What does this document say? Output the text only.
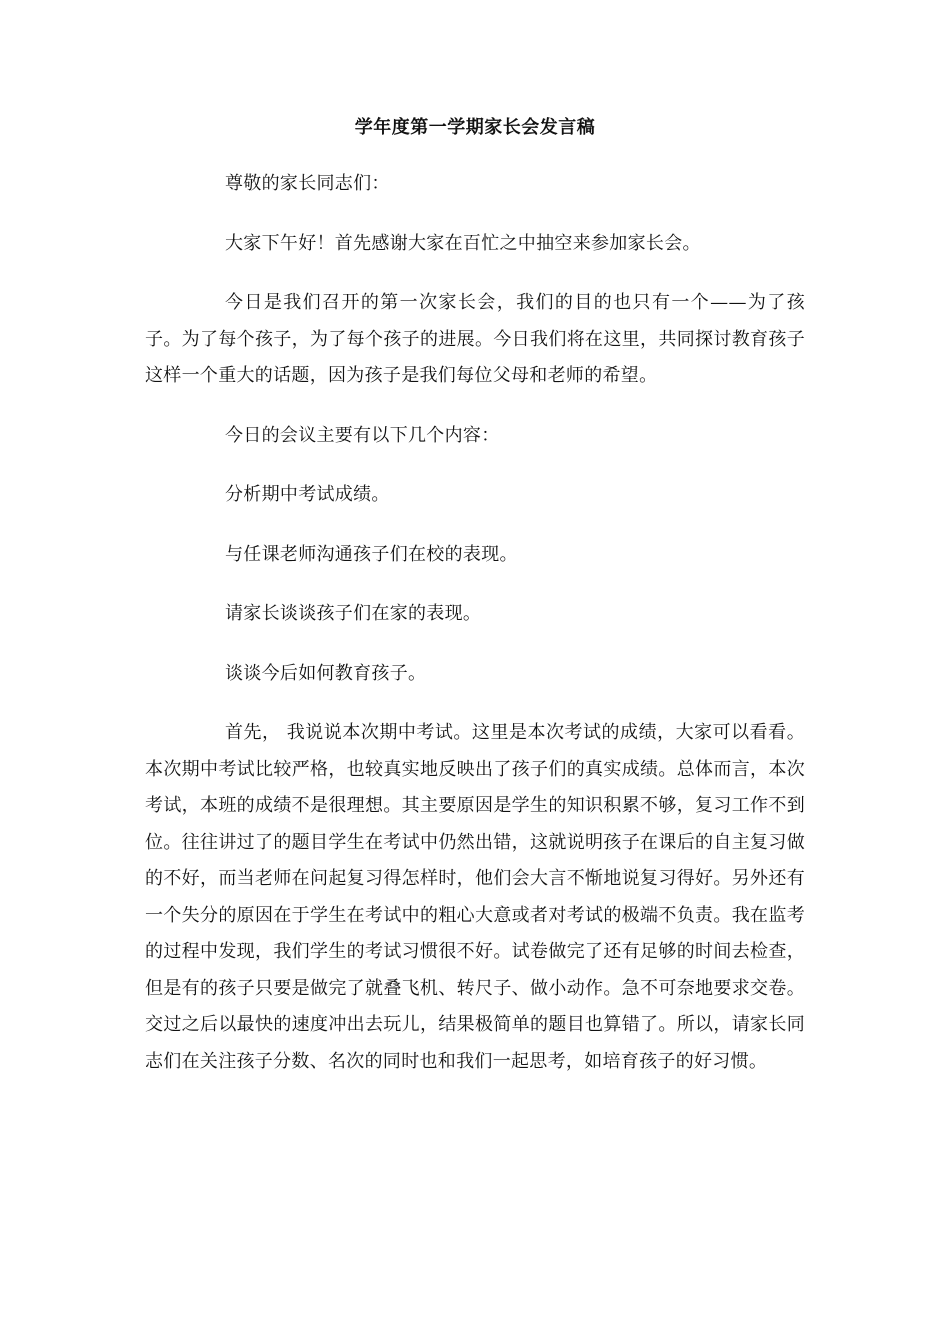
学年度第一学期家长会发言稿

尊敬的家长同志们：

大家下午好！首先感谢大家在百忙之中抽空来参加家长会。

今日是我们召开的第一次家长会，我们的目的也只有一个——为了孩子。为了每个孩子，为了每个孩子的进展。今日我们将在这里，共同探讨教育孩子这样一个重大的话题，因为孩子是我们每位父母和老师的希望。

今日的会议主要有以下几个内容：

分析期中考试成绩。

与任课老师沟通孩子们在校的表现。

请家长谈谈孩子们在家的表现。

谈谈今后如何教育孩子。

首先， 我说说本次期中考试。这里是本次考试的成绩，大家可以看看。本次期中考试比较严格，也较真实地反映出了孩子们的真实成绩。总体而言，本次考试，本班的成绩不是很理想。其主要原因是学生的知识积累不够，复习工作不到位。往往讲过了的题目学生在考试中仍然出错，这就说明孩子在课后的自主复习做的不好，而当老师在问起复习得怎样时，他们会大言不惭地说复习得好。另外还有一个失分的原因在于学生在考试中的粗心大意或者对考试的极端不负责。我在监考的过程中发现，我们学生的考试习惯很不好。试卷做完了还有足够的时间去检查，但是有的孩子只要是做完了就叠飞机、转尺子、做小动作。急不可奈地要求交卷。交过之后以最快的速度冲出去玩儿，结果极简单的题目也算错了。所以，请家长同志们在关注孩子分数、名次的同时也和我们一起思考，如培育孩子的好习惯。
